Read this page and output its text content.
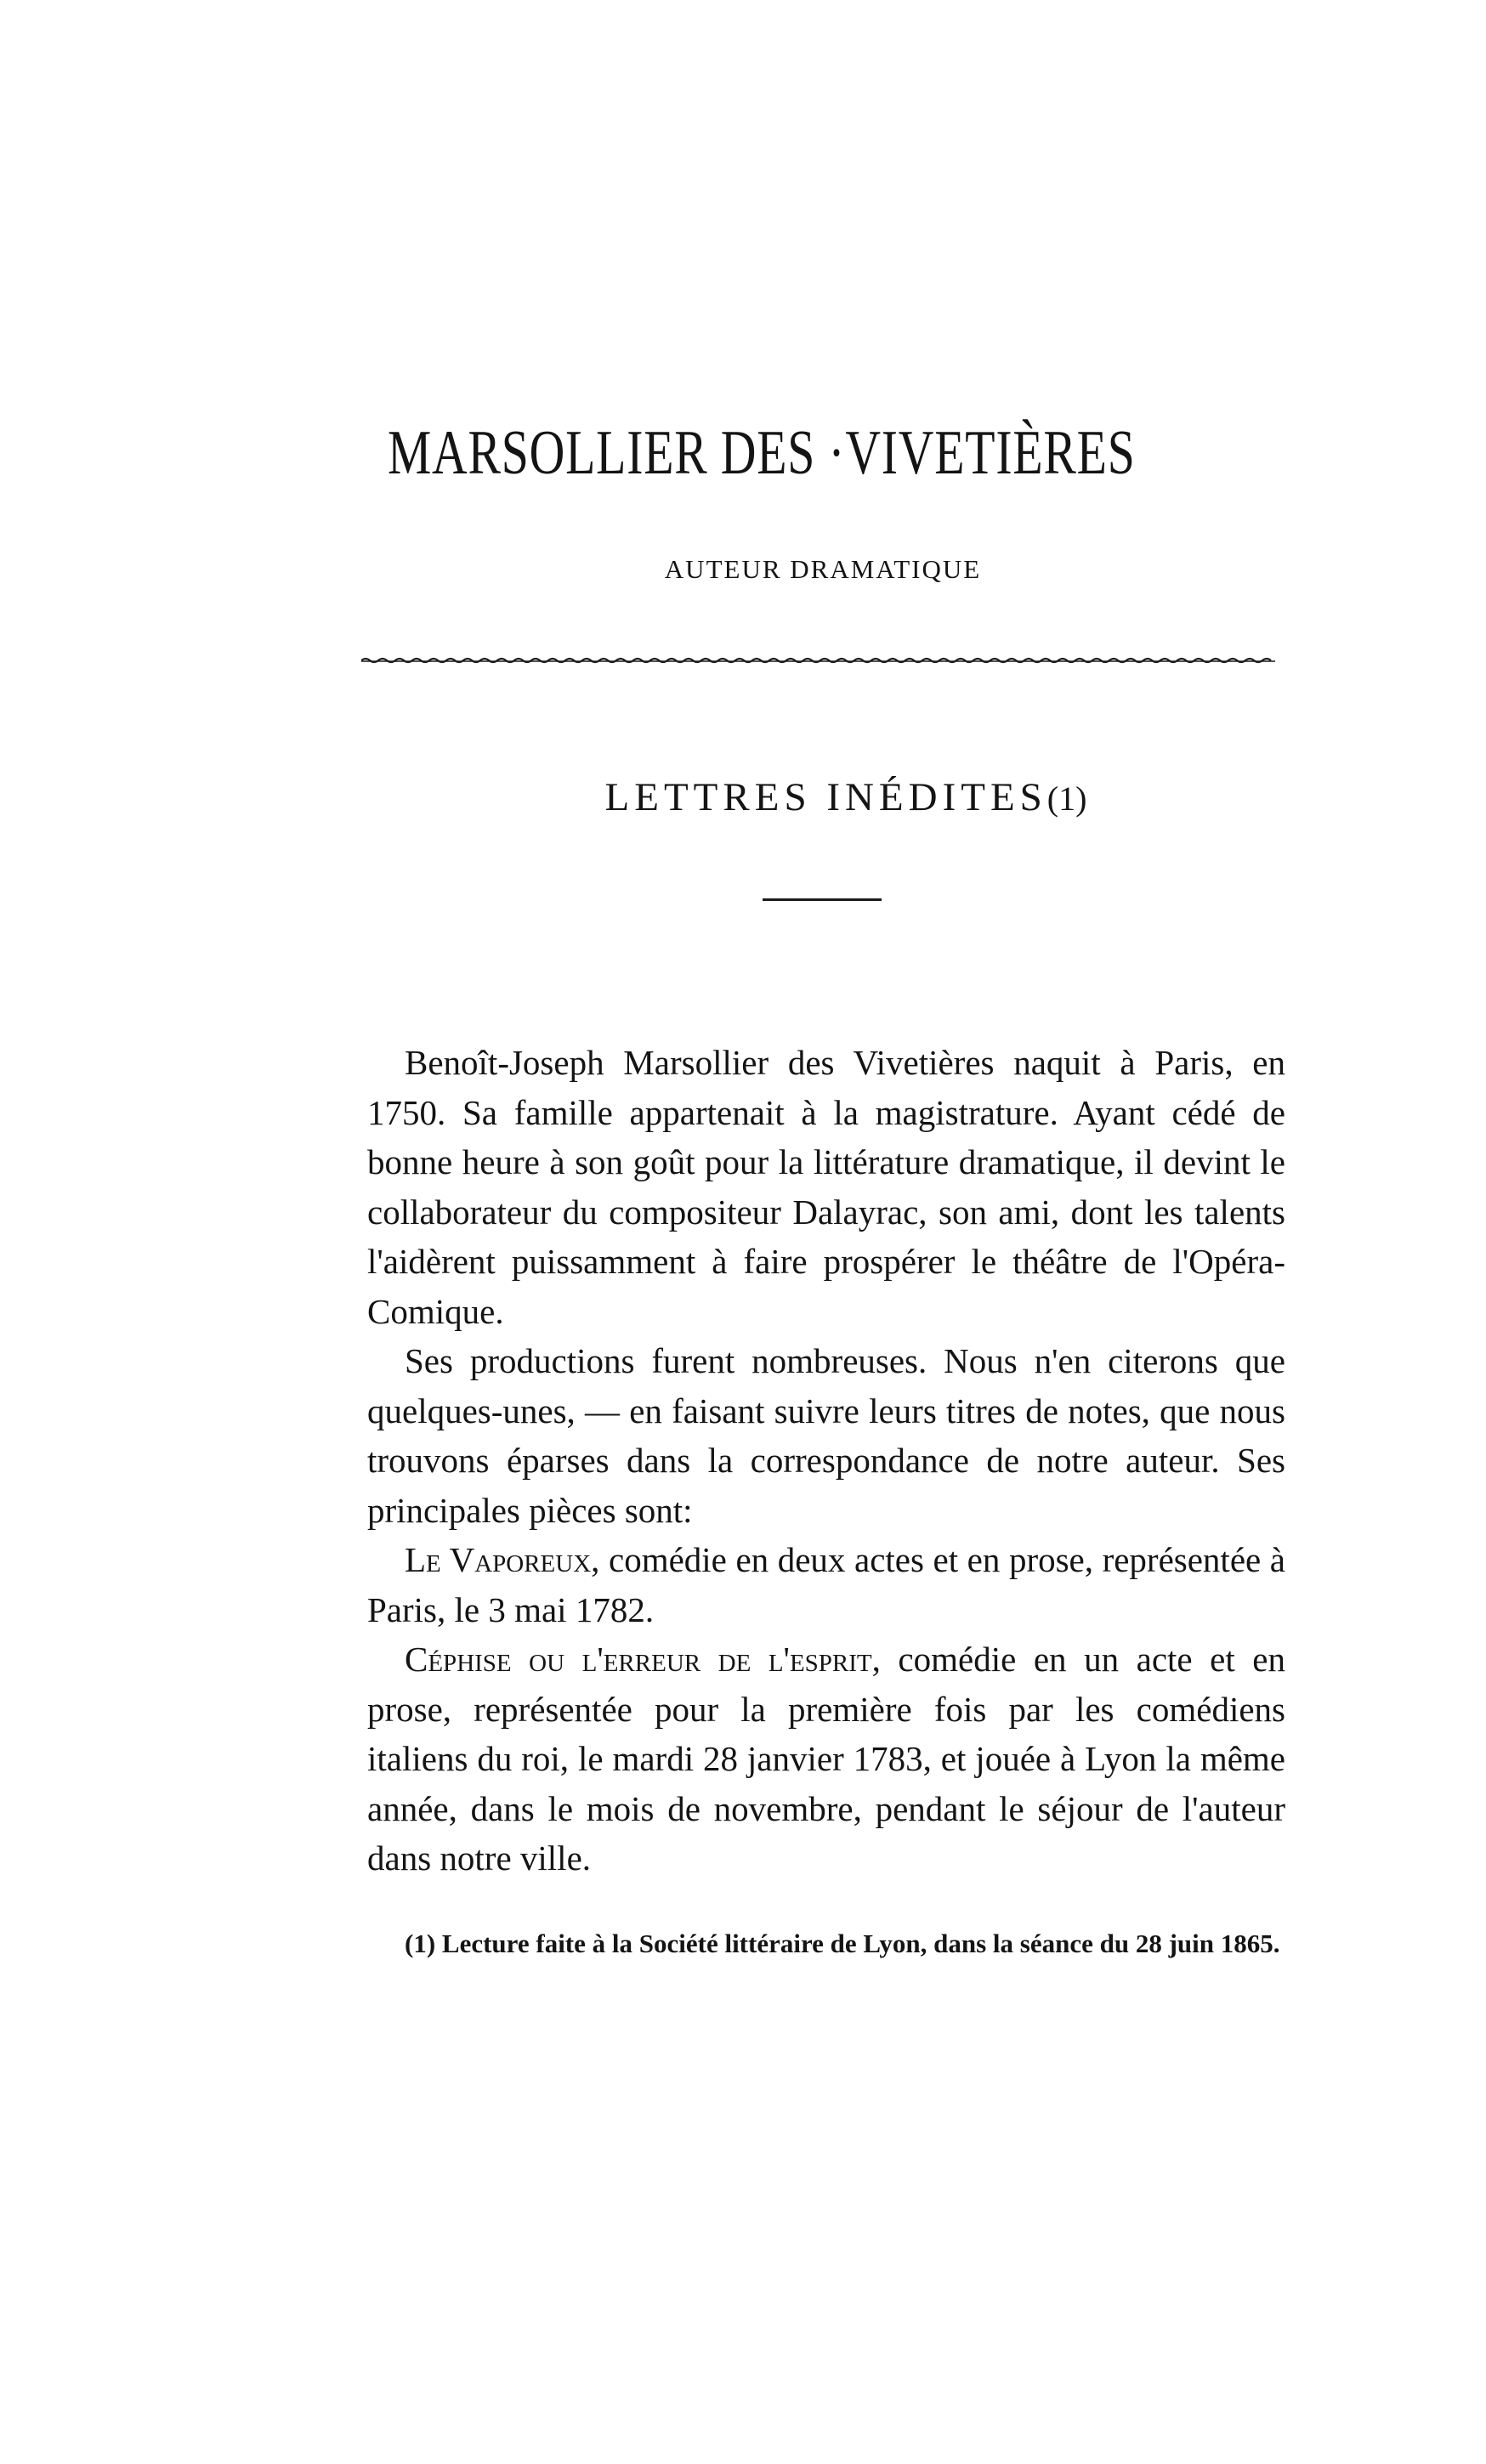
MARSOLLIER DES ·VIVETIÈRES
AUTEUR DRAMATIQUE
LETTRES INÉDITES(1)

Benoît-Joseph Marsollier des Vivetières naquit à Paris, en 1750. Sa famille appartenait à la magistrature. Ayant cédé de bonne heure à son goût pour la littérature dramatique, il devint le collaborateur du compositeur Dalayrac, son ami, dont les talents l'aidèrent puissamment à faire prospérer le théâtre de l'Opéra-Comique.

Ses productions furent nombreuses. Nous n'en citerons que quelques-unes, — en faisant suivre leurs titres de notes, que nous trouvons éparses dans la correspondance de notre auteur. Ses principales pièces sont:

Le Vaporeux, comédie en deux actes et en prose, représentée à Paris, le 3 mai 1782.

Céphise ou l'erreur de l'esprit, comédie en un acte et en prose, représentée pour la première fois par les comédiens italiens du roi, le mardi 28 janvier 1783, et jouée à Lyon la même année, dans le mois de novembre, pendant le séjour de l'auteur dans notre ville.

(1) Lecture faite à la Société littéraire de Lyon, dans la séance du 28 juin 1865.
